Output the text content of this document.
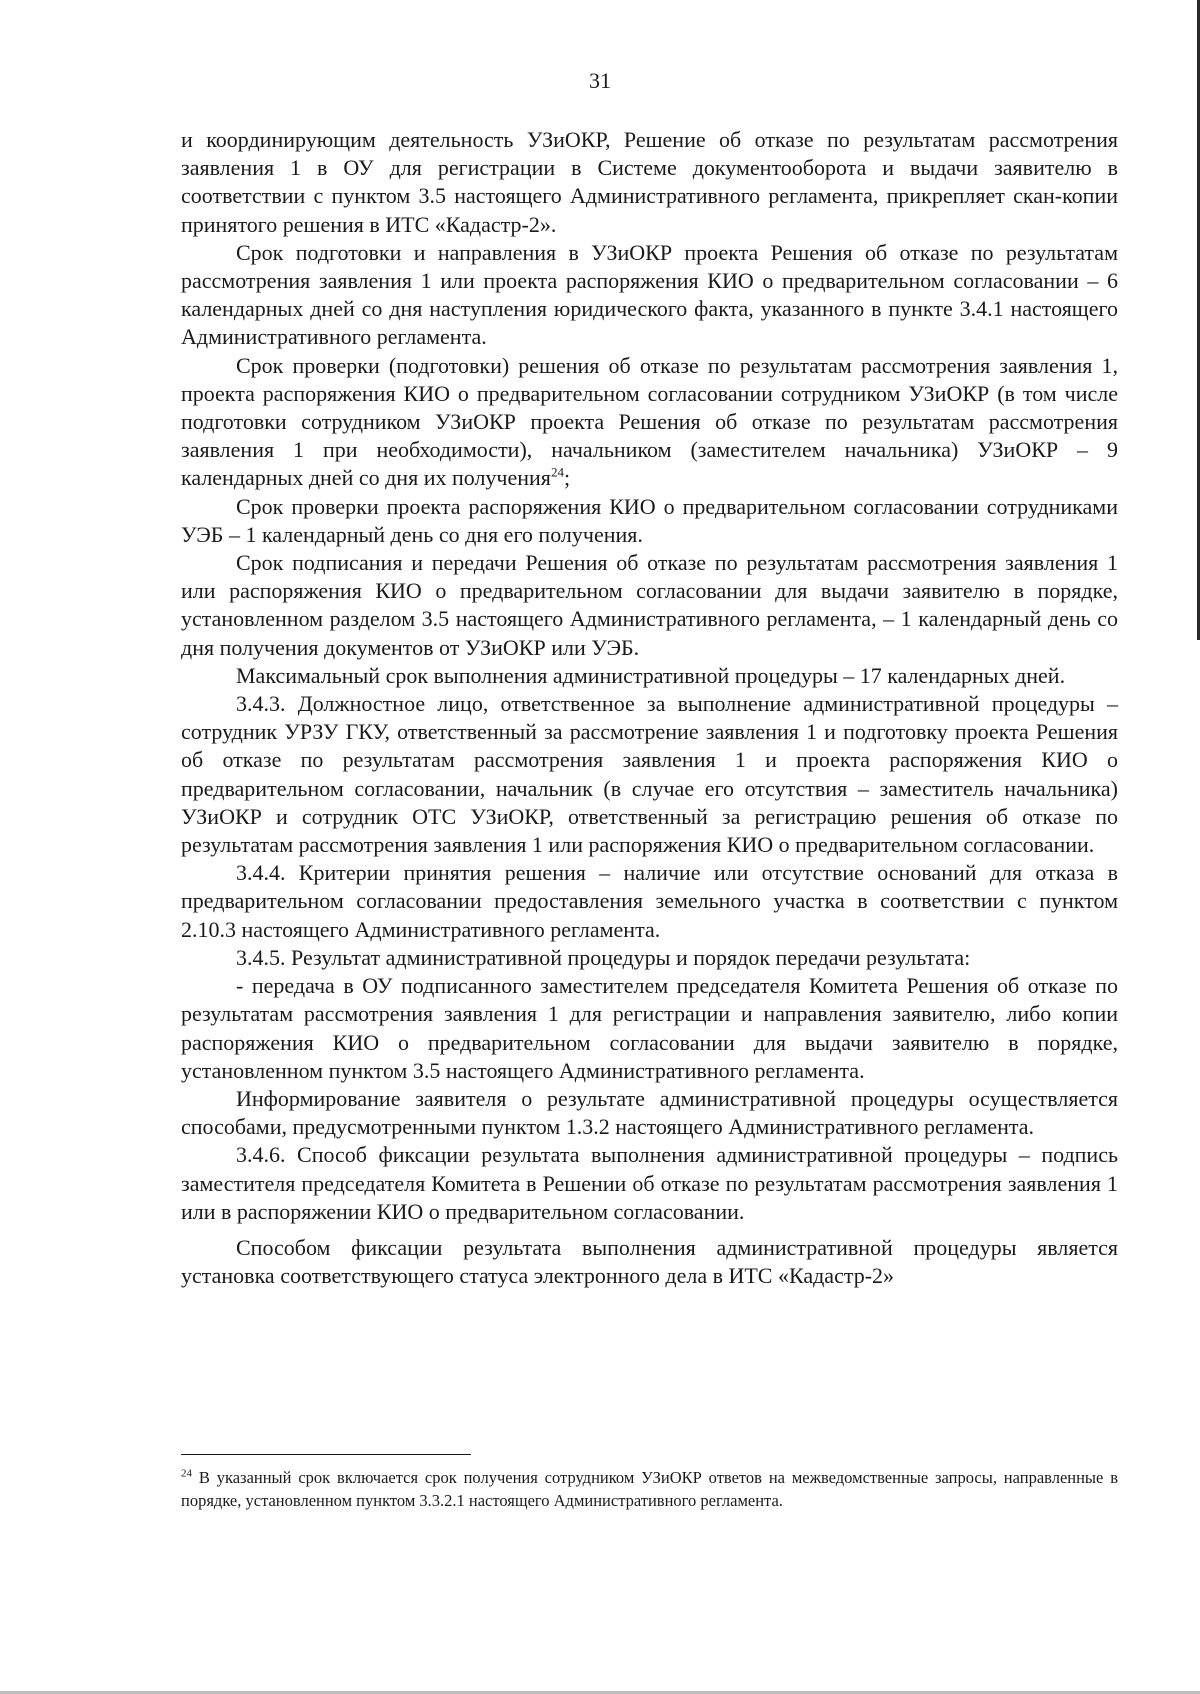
31

и координирующим деятельность УЗиОКР, Решение об отказе по результатам рассмотрения заявления 1 в ОУ для регистрации в Системе документооборота и выдачи заявителю в соответствии с пунктом 3.5 настоящего Административного регламента, прикрепляет скан-копии принятого решения в ИТС «Кадастр-2».

Срок подготовки и направления в УЗиОКР проекта Решения об отказе по результатам рассмотрения заявления 1 или проекта распоряжения КИО о предварительном согласовании – 6 календарных дней со дня наступления юридического факта, указанного в пункте 3.4.1 настоящего Административного регламента.

Срок проверки (подготовки) решения об отказе по результатам рассмотрения заявления 1, проекта распоряжения КИО о предварительном согласовании сотрудником УЗиОКР (в том числе подготовки сотрудником УЗиОКР проекта Решения об отказе по результатам рассмотрения заявления 1 при необходимости), начальником (заместителем начальника) УЗиОКР – 9 календарных дней со дня их получения$^{24}$;

Срок проверки проекта распоряжения КИО о предварительном согласовании сотрудниками УЭБ – 1 календарный день со дня его получения.

Срок подписания и передачи Решения об отказе по результатам рассмотрения заявления 1 или распоряжения КИО о предварительном согласовании для выдачи заявителю в порядке, установленном разделом 3.5 настоящего Административного регламента, – 1 календарный день со дня получения документов от УЗиОКР или УЭБ.

Максимальный срок выполнения административной процедуры – 17 календарных дней.

3.4.3. Должностное лицо, ответственное за выполнение административной процедуры – сотрудник УРЗУ ГКУ, ответственный за рассмотрение заявления 1 и подготовку проекта Решения об отказе по результатам рассмотрения заявления 1 и проекта распоряжения КИО о предварительном согласовании, начальник (в случае его отсутствия – заместитель начальника) УЗиОКР и сотрудник ОТС УЗиОКР, ответственный за регистрацию решения об отказе по результатам рассмотрения заявления 1 или распоряжения КИО о предварительном согласовании.

3.4.4. Критерии принятия решения – наличие или отсутствие оснований для отказа в предварительном согласовании предоставления земельного участка в соответствии с пунктом 2.10.3 настоящего Административного регламента.

3.4.5. Результат административной процедуры и порядок передачи результата:

- передача в ОУ подписанного заместителем председателя Комитета Решения об отказе по результатам рассмотрения заявления 1 для регистрации и направления заявителю, либо копии распоряжения КИО о предварительном согласовании для выдачи заявителю в порядке, установленном пунктом 3.5 настоящего Административного регламента.

Информирование заявителя о результате административной процедуры осуществляется способами, предусмотренными пунктом 1.3.2 настоящего Административного регламента.

3.4.6. Способ фиксации результата выполнения административной процедуры – подпись заместителя председателя Комитета в Решении об отказе по результатам рассмотрения заявления 1 или в распоряжении КИО о предварительном согласовании.

Способом фиксации результата выполнения административной процедуры является установка соответствующего статуса электронного дела в ИТС «Кадастр-2»

$^{24}$ В указанный срок включается срок получения сотрудником УЗиОКР ответов на межведомственные запросы, направленные в порядке, установленном пунктом 3.3.2.1 настоящего Административного регламента.
